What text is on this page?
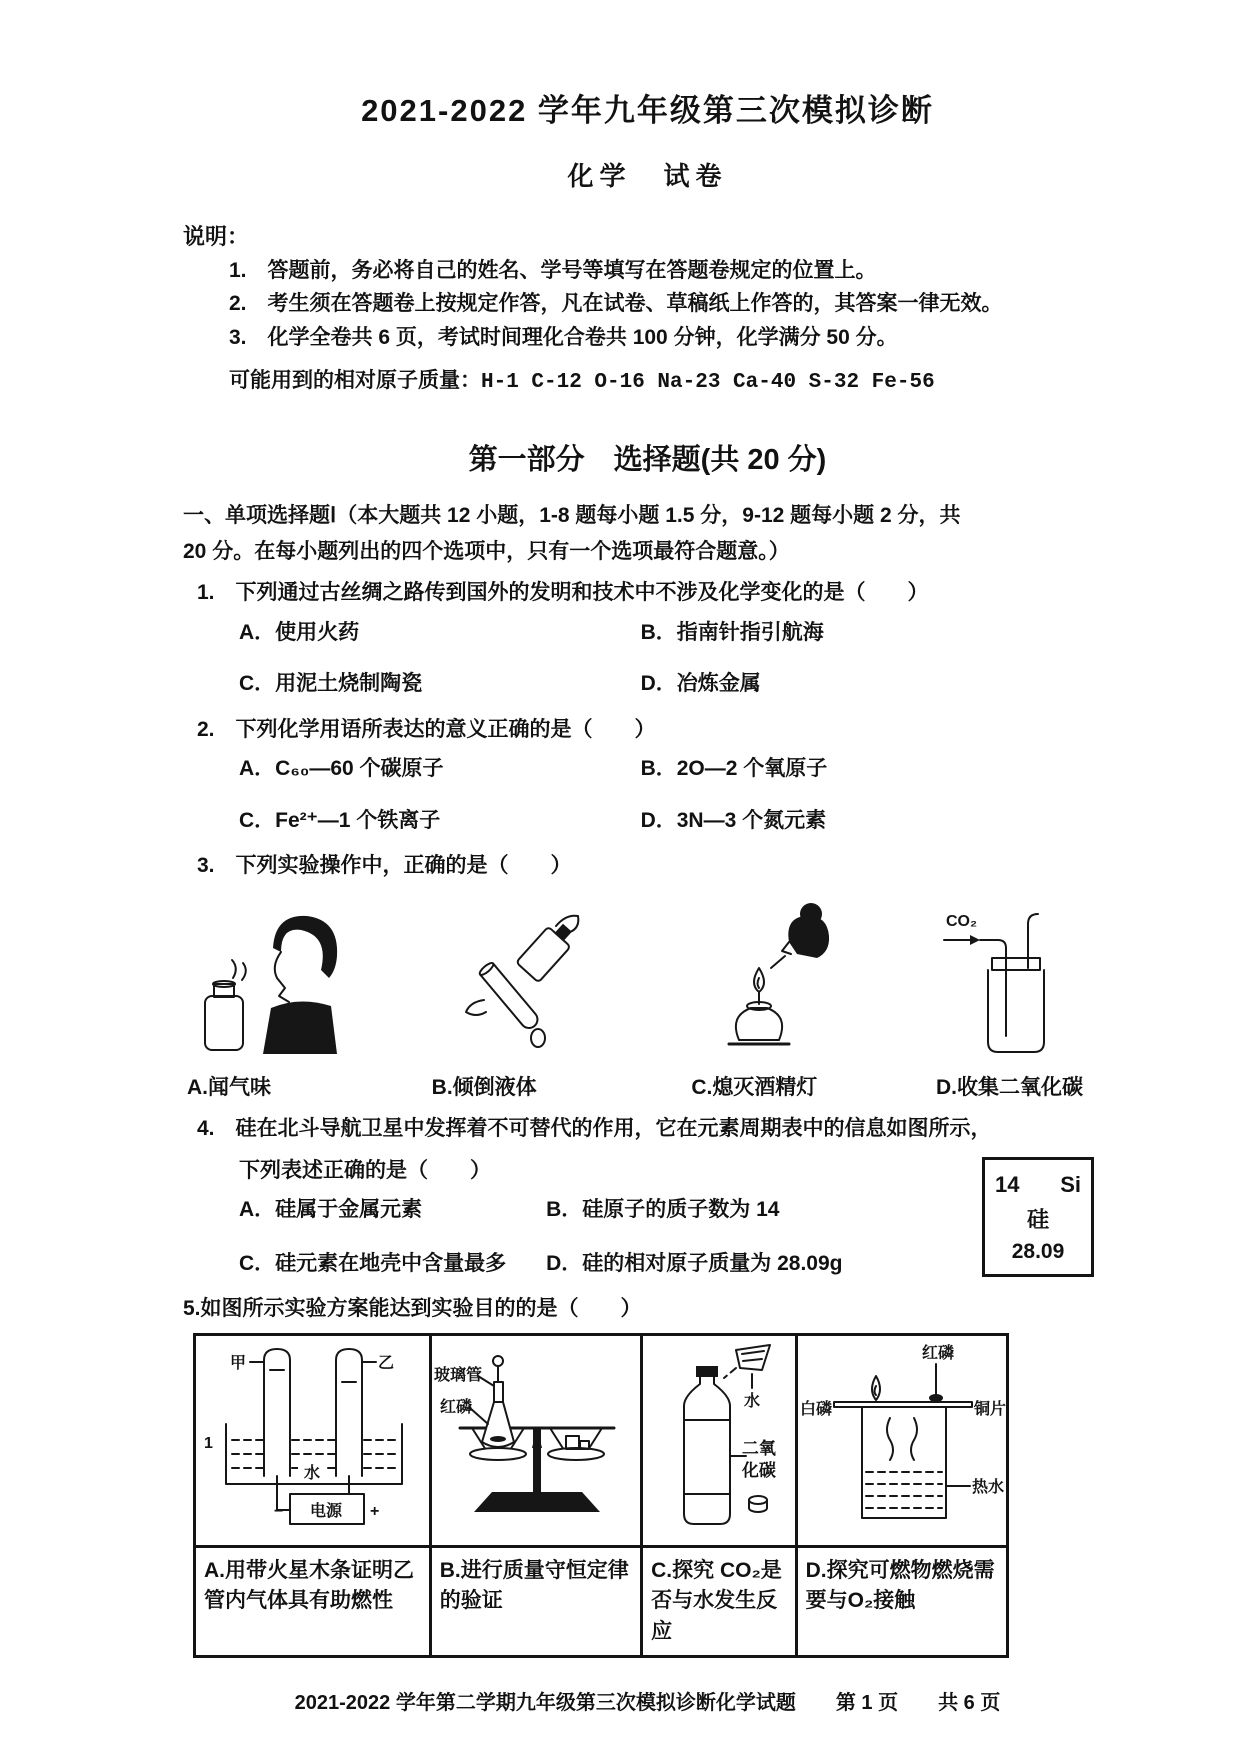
2021-2022 学年九年级第三次模拟诊断
化学　试卷
说明：
1.　答题前，务必将自己的姓名、学号等填写在答题卷规定的位置上。
2.　考生须在答题卷上按规定作答，凡在试卷、草稿纸上作答的，其答案一律无效。
3.　化学全卷共 6 页，考试时间理化合卷共 100 分钟，化学满分 50 分。
可能用到的相对原子质量：H-1 C-12 O-16 Na-23 Ca-40 S-32 Fe-56
第一部分　选择题(共 20 分)
一、单项选择题Ⅰ（本大题共 12 小题，1-8 题每小题 1.5 分，9-12 题每小题 2 分，共
20 分。在每小题列出的四个选项中，只有一个选项最符合题意。）
1.　下列通过古丝绸之路传到国外的发明和技术中不涉及化学变化的是（　　）
A．使用火药	B．指南针指引航海
C．用泥土烧制陶瓷	D．冶炼金属
2.　下列化学用语所表达的意义正确的是（　　）
A．C₆₀—60 个碳原子	B．2O—2 个氧原子
C．Fe²⁺—1 个铁离子	D．3N—3 个氮元素
3.　下列实验操作中，正确的是（　　）
A.闻气味	B.倾倒液体	C.熄灭酒精灯
CO₂
D.收集二氧化碳
4.　硅在北斗导航卫星中发挥着不可替代的作用，它在元素周期表中的信息如图所示，
下列表述正确的是（　　）
A．硅属于金属元素	B．硅原子的质子数为 14
C．硅元素在地壳中含量最多	D．硅的相对原子质量为 28.09g
14 Si
硅
28.09
5.如图所示实验方案能达到实验目的的是（　　）
1
甲	乙
水
电源
−	+

玻璃管
红磷	水
二氧化碳

红磷
白磷	铜片
热水

A.用带火星木条证明乙管内气体具有助燃性	B.进行质量守恒定律的验证	C.探究 CO₂是否与水发生反应	D.探究可燃物燃烧需要与O₂接触
2021-2022 学年第二学期九年级第三次模拟诊断化学试题　　第 1 页　　共 6 页
